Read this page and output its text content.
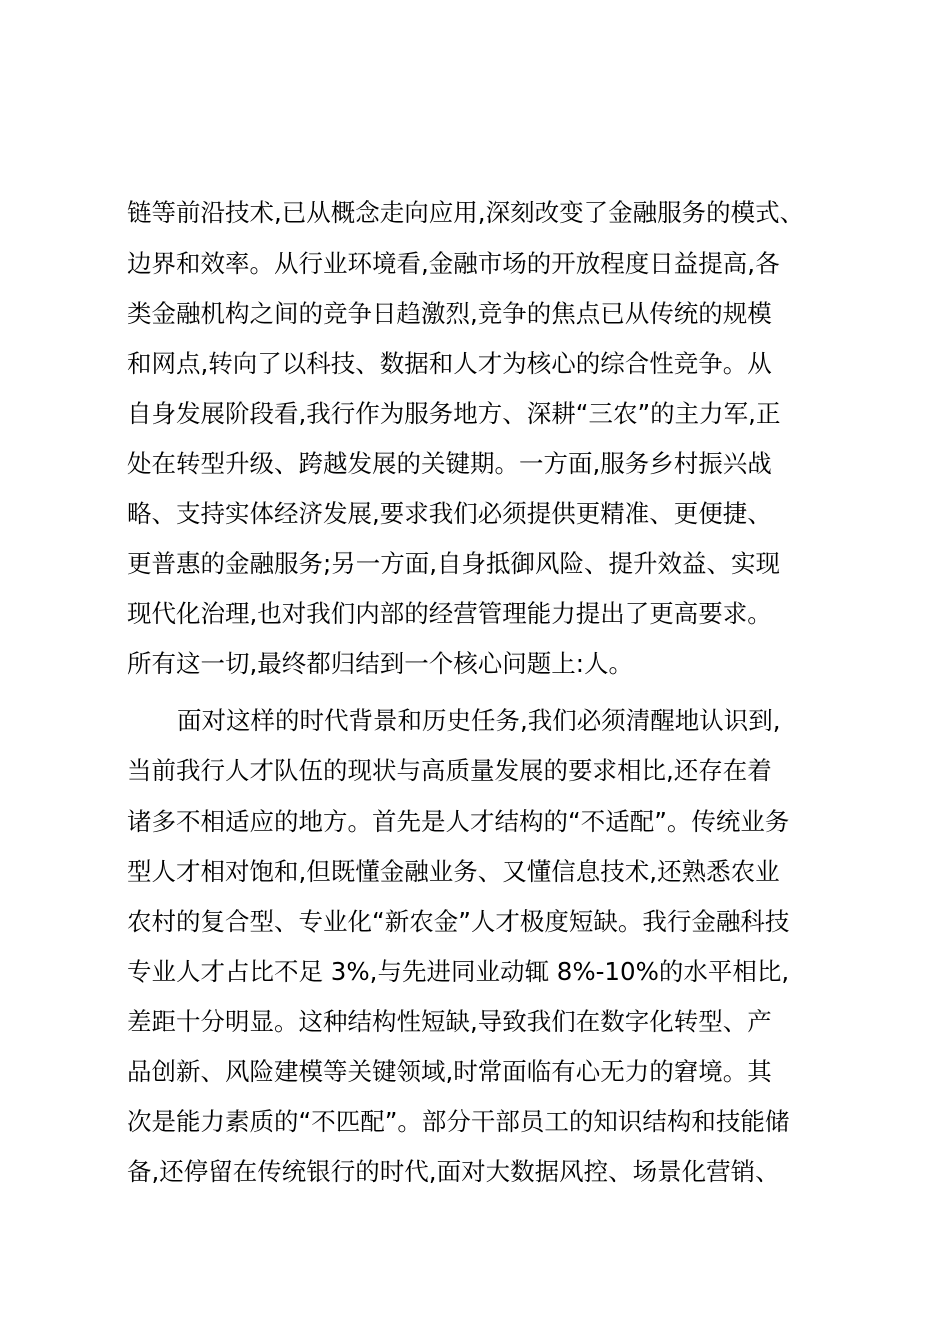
链等前沿技术,已从概念走向应用,深刻改变了金融服务的模式、
边界和效率。从行业环境看,金融市场的开放程度日益提高,各
类金融机构之间的竞争日趋激烈,竞争的焦点已从传统的规模
和网点,转向了以科技、数据和人才为核心的综合性竞争。从
自身发展阶段看,我行作为服务地方、深耕“三农”的主力军,正
处在转型升级、跨越发展的关键期。一方面,服务乡村振兴战
略、支持实体经济发展,要求我们必须提供更精准、更便捷、
更普惠的金融服务;另一方面,自身抵御风险、提升效益、实现
现代化治理,也对我们内部的经营管理能力提出了更高要求。
所有这一切,最终都归结到一个核心问题上:人。
面对这样的时代背景和历史任务,我们必须清醒地认识到,
当前我行人才队伍的现状与高质量发展的要求相比,还存在着
诸多不相适应的地方。首先是人才结构的“不适配”。传统业务
型人才相对饱和,但既懂金融业务、又懂信息技术,还熟悉农业
农村的复合型、专业化“新农金”人才极度短缺。我行金融科技
专业人才占比不足 3%,与先进同业动辄 8%-10%的水平相比,
差距十分明显。这种结构性短缺,导致我们在数字化转型、产
品创新、风险建模等关键领域,时常面临有心无力的窘境。其
次是能力素质的“不匹配”。部分干部员工的知识结构和技能储
备,还停留在传统银行的时代,面对大数据风控、场景化营销、
